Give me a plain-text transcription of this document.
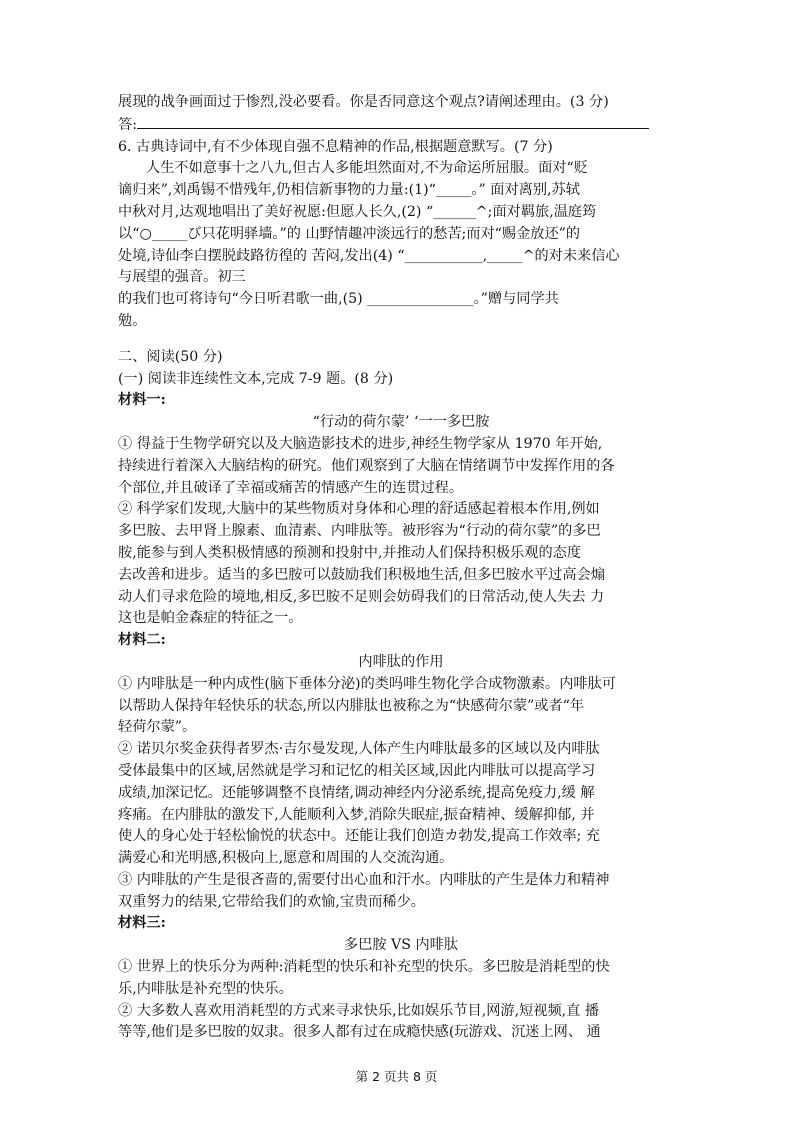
展现的战争画面过于惨烈,没必要看。你是否同意这个观点?请阐述理由。(3 分)
答:
6. 古典诗词中,有不少体现自强不息精神的作品,根据题意默写。(7 分)
人生不如意事十之八九,但古人多能坦然面对,不为命运所屈服。面对“贬
谪归来”,刘禹锡不惜残年,仍相信新事物的力量:(1)“_____。” 面对离别,苏轼
中秋对月,达观地唱出了美好祝愿:但愿人长久,(2) “______^;面对羁旅,温庭筠
以“○_____び只花明驿墙。”的 山野情趣冲淡远行的愁苦;而对“赐金放还”的
处境,诗仙李白摆脱歧路彷徨的 苦闷,发出(4) “___________,_____^的对未来信心
与展望的强音。初三
的我们也可将诗句“今日听君歌一曲,(5) _______________。”赠与同学共
勉。
二、阅读(50 分)
(一) 阅读非连续性文本,完成 7-9 题。(8 分)
材料一:
“行动的荷尔蒙’ ‘一一多巴胺
① 得益于生物学研究以及大脑造影技术的进步,神经生物学家从 1970 年开始,
持续进行着深入大脑结构的研究。他们观察到了大脑在情绪调节中发挥作用的各
个部位,并且破译了幸福或痛苦的情感产生的连贯过程。
② 科学家们发现,大脑中的某些物质对身体和心理的舒适感起着根本作用,例如
多巴胺、去甲肾上腺素、血清素、内啡肽等。被形容为“行动的荷尔蒙”的多巴
胺,能参与到人类积极情感的预测和投射中,并推动人们保持积极乐观的态度
去改善和进步。适当的多巴胺可以鼓励我们积极地生活,但多巴胺水平过高会煽
动人们寻求危险的境地,相反,多巴胺不足则会妨碍我们的日常活动,使人失去 力
这也是帕金森症的特征之一。
材料二:
内啡肽的作用
① 内啡肽是一种内成性(脑下垂体分泌)的类吗啡生物化学合成物激素。内啡肽可
以帮助人保持年轻快乐的状态,所以内腓肽也被称之为“快感荷尔蒙”或者“年
轻荷尔蒙”。
② 诺贝尔奖金获得者罗杰·吉尔曼发现,人体产生内啡肽最多的区域以及内啡肽
受体最集中的区域,居然就是学习和记忆的相关区域,因此内啡肽可以提高学习
成绩,加深记忆。还能够调整不良情绪,调动神经内分泌系统,提高免疫力,缓 解
疼痛。在内腓肽的激发下,人能顺利入梦,消除失眠症,振奋精神、缓解抑郁, 并
使人的身心处于轻松愉悦的状态中。还能让我们创造カ勃发,提高工作效率; 充
满爱心和光明感,积极向上,愿意和周围的人交流沟通。
③ 内啡肽的产生是很吝啬的,需要付出心血和汗水。内啡肽的产生是体力和精神
双重努力的结果,它带给我们的欢愉,宝贵而稀少。
材料三:
多巴胺 VS 内啡肽
① 世界上的快乐分为两种:消耗型的快乐和补充型的快乐。多巴胺是消耗型的快
乐,内啡肽是补充型的快乐。
② 大多数人喜欢用消耗型的方式来寻求快乐,比如娱乐节目,网游,短视频,直 播
等等,他们是多巴胺的奴隶。很多人都有过在成瘾快感(玩游戏、沉迷上网、 通
第 2 页共 8 页
